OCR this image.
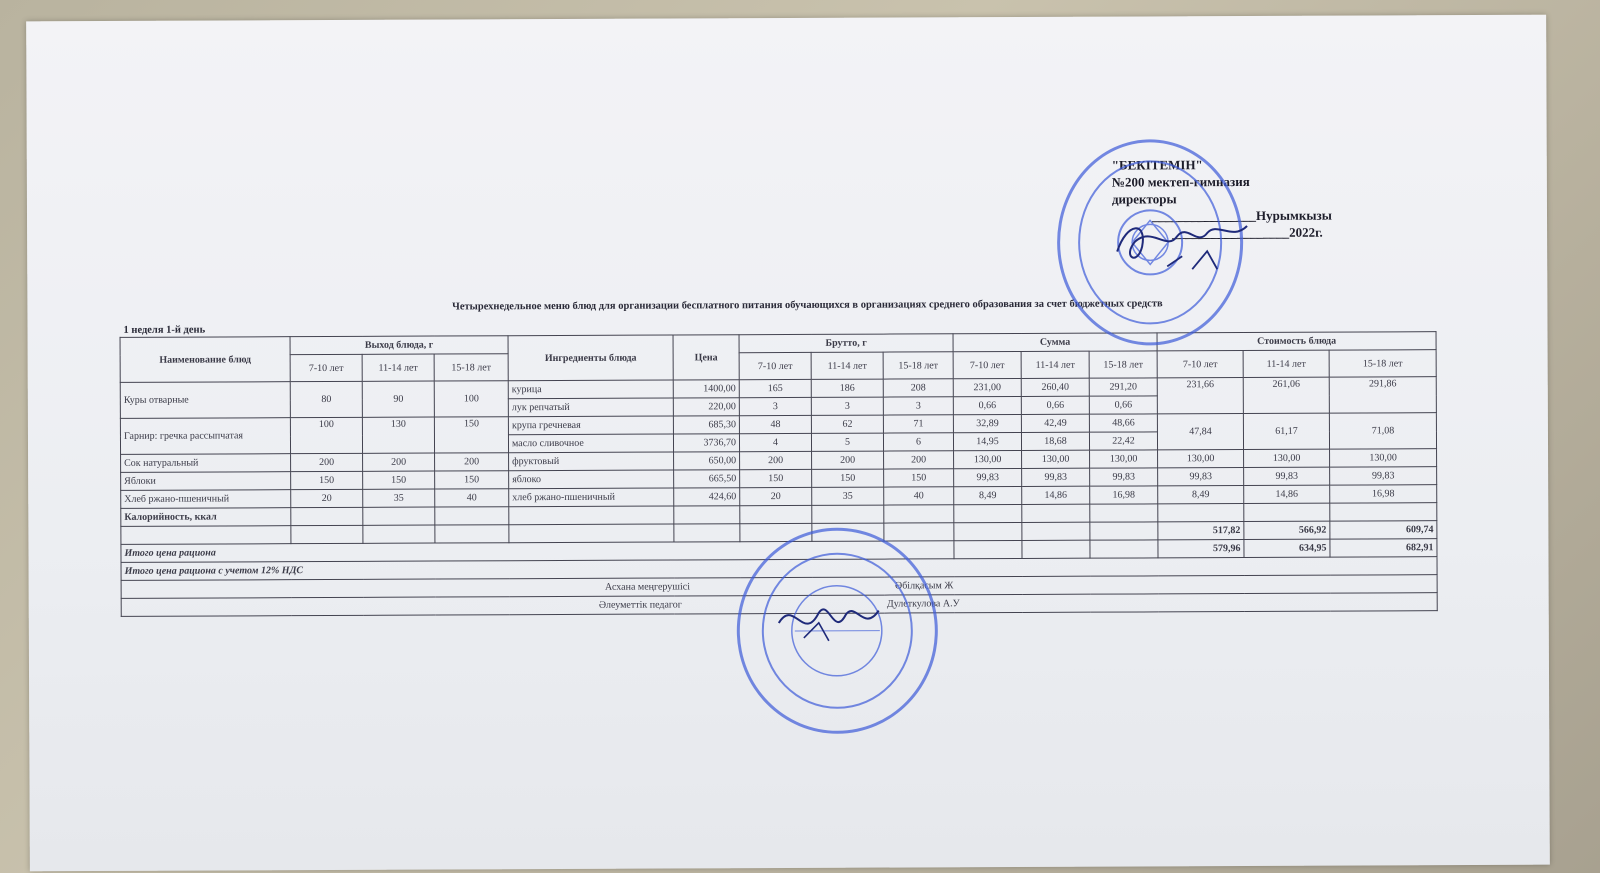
"БЕКІТЕМІН"
№200 мектеп-гимназия
директоры
________________Нурымкызы
__________________2022г.
Четырехнедельное меню блюд для организации бесплатного питания обучающихся в организациях среднего образования за счет бюджетных средств
1 неделя 1-й день
Наименование блюд	Выход блюда, г			Ингредиенты блюда	Цена	Брутто, г			Сумма			Стоимость блюда		
	7-10 лет	11-14 лет	15-18 лет			7-10 лет	11-14 лет	15-18 лет	7-10 лет	11-14 лет	15-18 лет	7-10 лет	11-14 лет	15-18 лет
Куры отварные	80	90	100	курица	1400,00	165	186	208	231,00	260,40	291,20	231,66	261,06	291,86
				лук репчатый	220,00	3	3	3	0,66	0,66	0,66			
Гарнир: гречка рассыпчатая	100	130	150	крупа гречневая	685,30	48	62	71	32,89	42,49	48,66	47,84	61,17	71,08
				масло сливочное	3736,70	4	5	6	14,95	18,68	22,42			
Сок натуральный	200	200	200	фруктовый	650,00	200	200	200	130,00	130,00	130,00	130,00	130,00	130,00
Яблоки	150	150	150	яблоко	665,50	150	150	150	99,83	99,83	99,83	99,83	99,83	99,83
Хлеб ржано-пшеничный	20	35	40	хлеб ржано-пшеничный	424,60	20	35	40	8,49	14,86	16,98	8,49	14,86	16,98
Калорийность, ккал														
												517,82	566,92	609,74
Итого цена рациона												579,96	634,95	682,91
Итого цена рациона с учетом 12% НДС														
Асхана меңгерушісі Әбілқасым Ж														
Әлеуметтік педагог Дулеткулова А.У														
